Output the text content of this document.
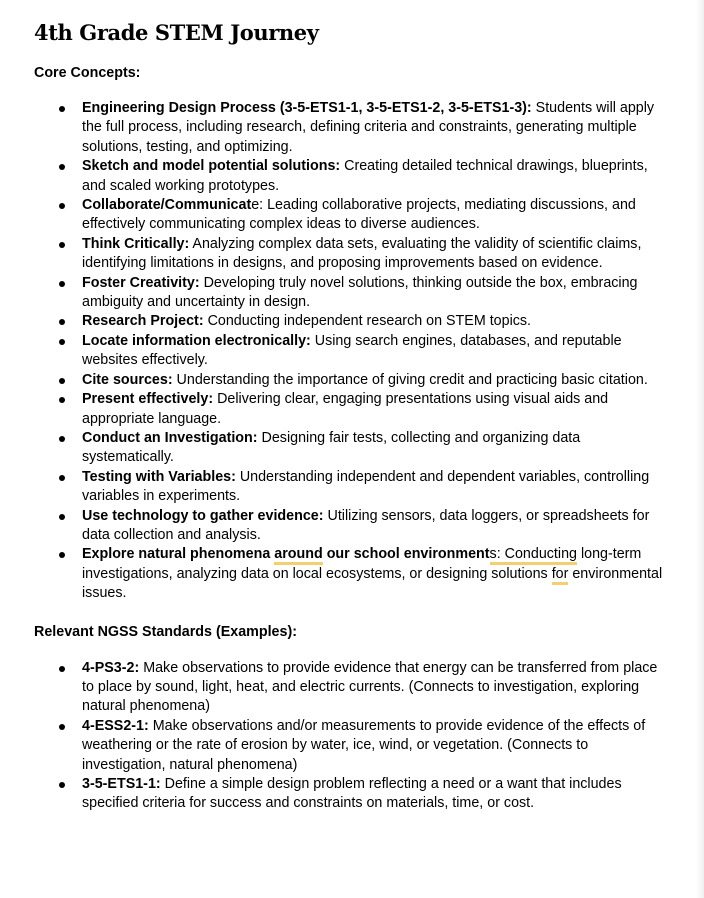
4th Grade STEM Journey

Core Concepts:

Engineering Design Process (3-5-ETS1-1, 3-5-ETS1-2, 3-5-ETS1-3): Students will apply the full process, including research, defining criteria and constraints, generating multiple solutions, testing, and optimizing.
Sketch and model potential solutions: Creating detailed technical drawings, blueprints, and scaled working prototypes.
Collaborate/Communicate: Leading collaborative projects, mediating discussions, and effectively communicating complex ideas to diverse audiences.
Think Critically: Analyzing complex data sets, evaluating the validity of scientific claims, identifying limitations in designs, and proposing improvements based on evidence.
Foster Creativity: Developing truly novel solutions, thinking outside the box, embracing ambiguity and uncertainty in design.
Research Project: Conducting independent research on STEM topics.
Locate information electronically: Using search engines, databases, and reputable websites effectively.
Cite sources: Understanding the importance of giving credit and practicing basic citation.
Present effectively: Delivering clear, engaging presentations using visual aids and appropriate language.
Conduct an Investigation: Designing fair tests, collecting and organizing data systematically.
Testing with Variables: Understanding independent and dependent variables, controlling variables in experiments.
Use technology to gather evidence: Utilizing sensors, data loggers, or spreadsheets for data collection and analysis.
Explore natural phenomena around our school environments: Conducting long-term investigations, analyzing data on local ecosystems, or designing solutions for environmental issues.

Relevant NGSS Standards (Examples):

4-PS3-2: Make observations to provide evidence that energy can be transferred from place to place by sound, light, heat, and electric currents. (Connects to investigation, exploring natural phenomena)
4-ESS2-1: Make observations and/or measurements to provide evidence of the effects of weathering or the rate of erosion by water, ice, wind, or vegetation. (Connects to investigation, natural phenomena)
3-5-ETS1-1: Define a simple design problem reflecting a need or a want that includes specified criteria for success and constraints on materials, time, or cost.
